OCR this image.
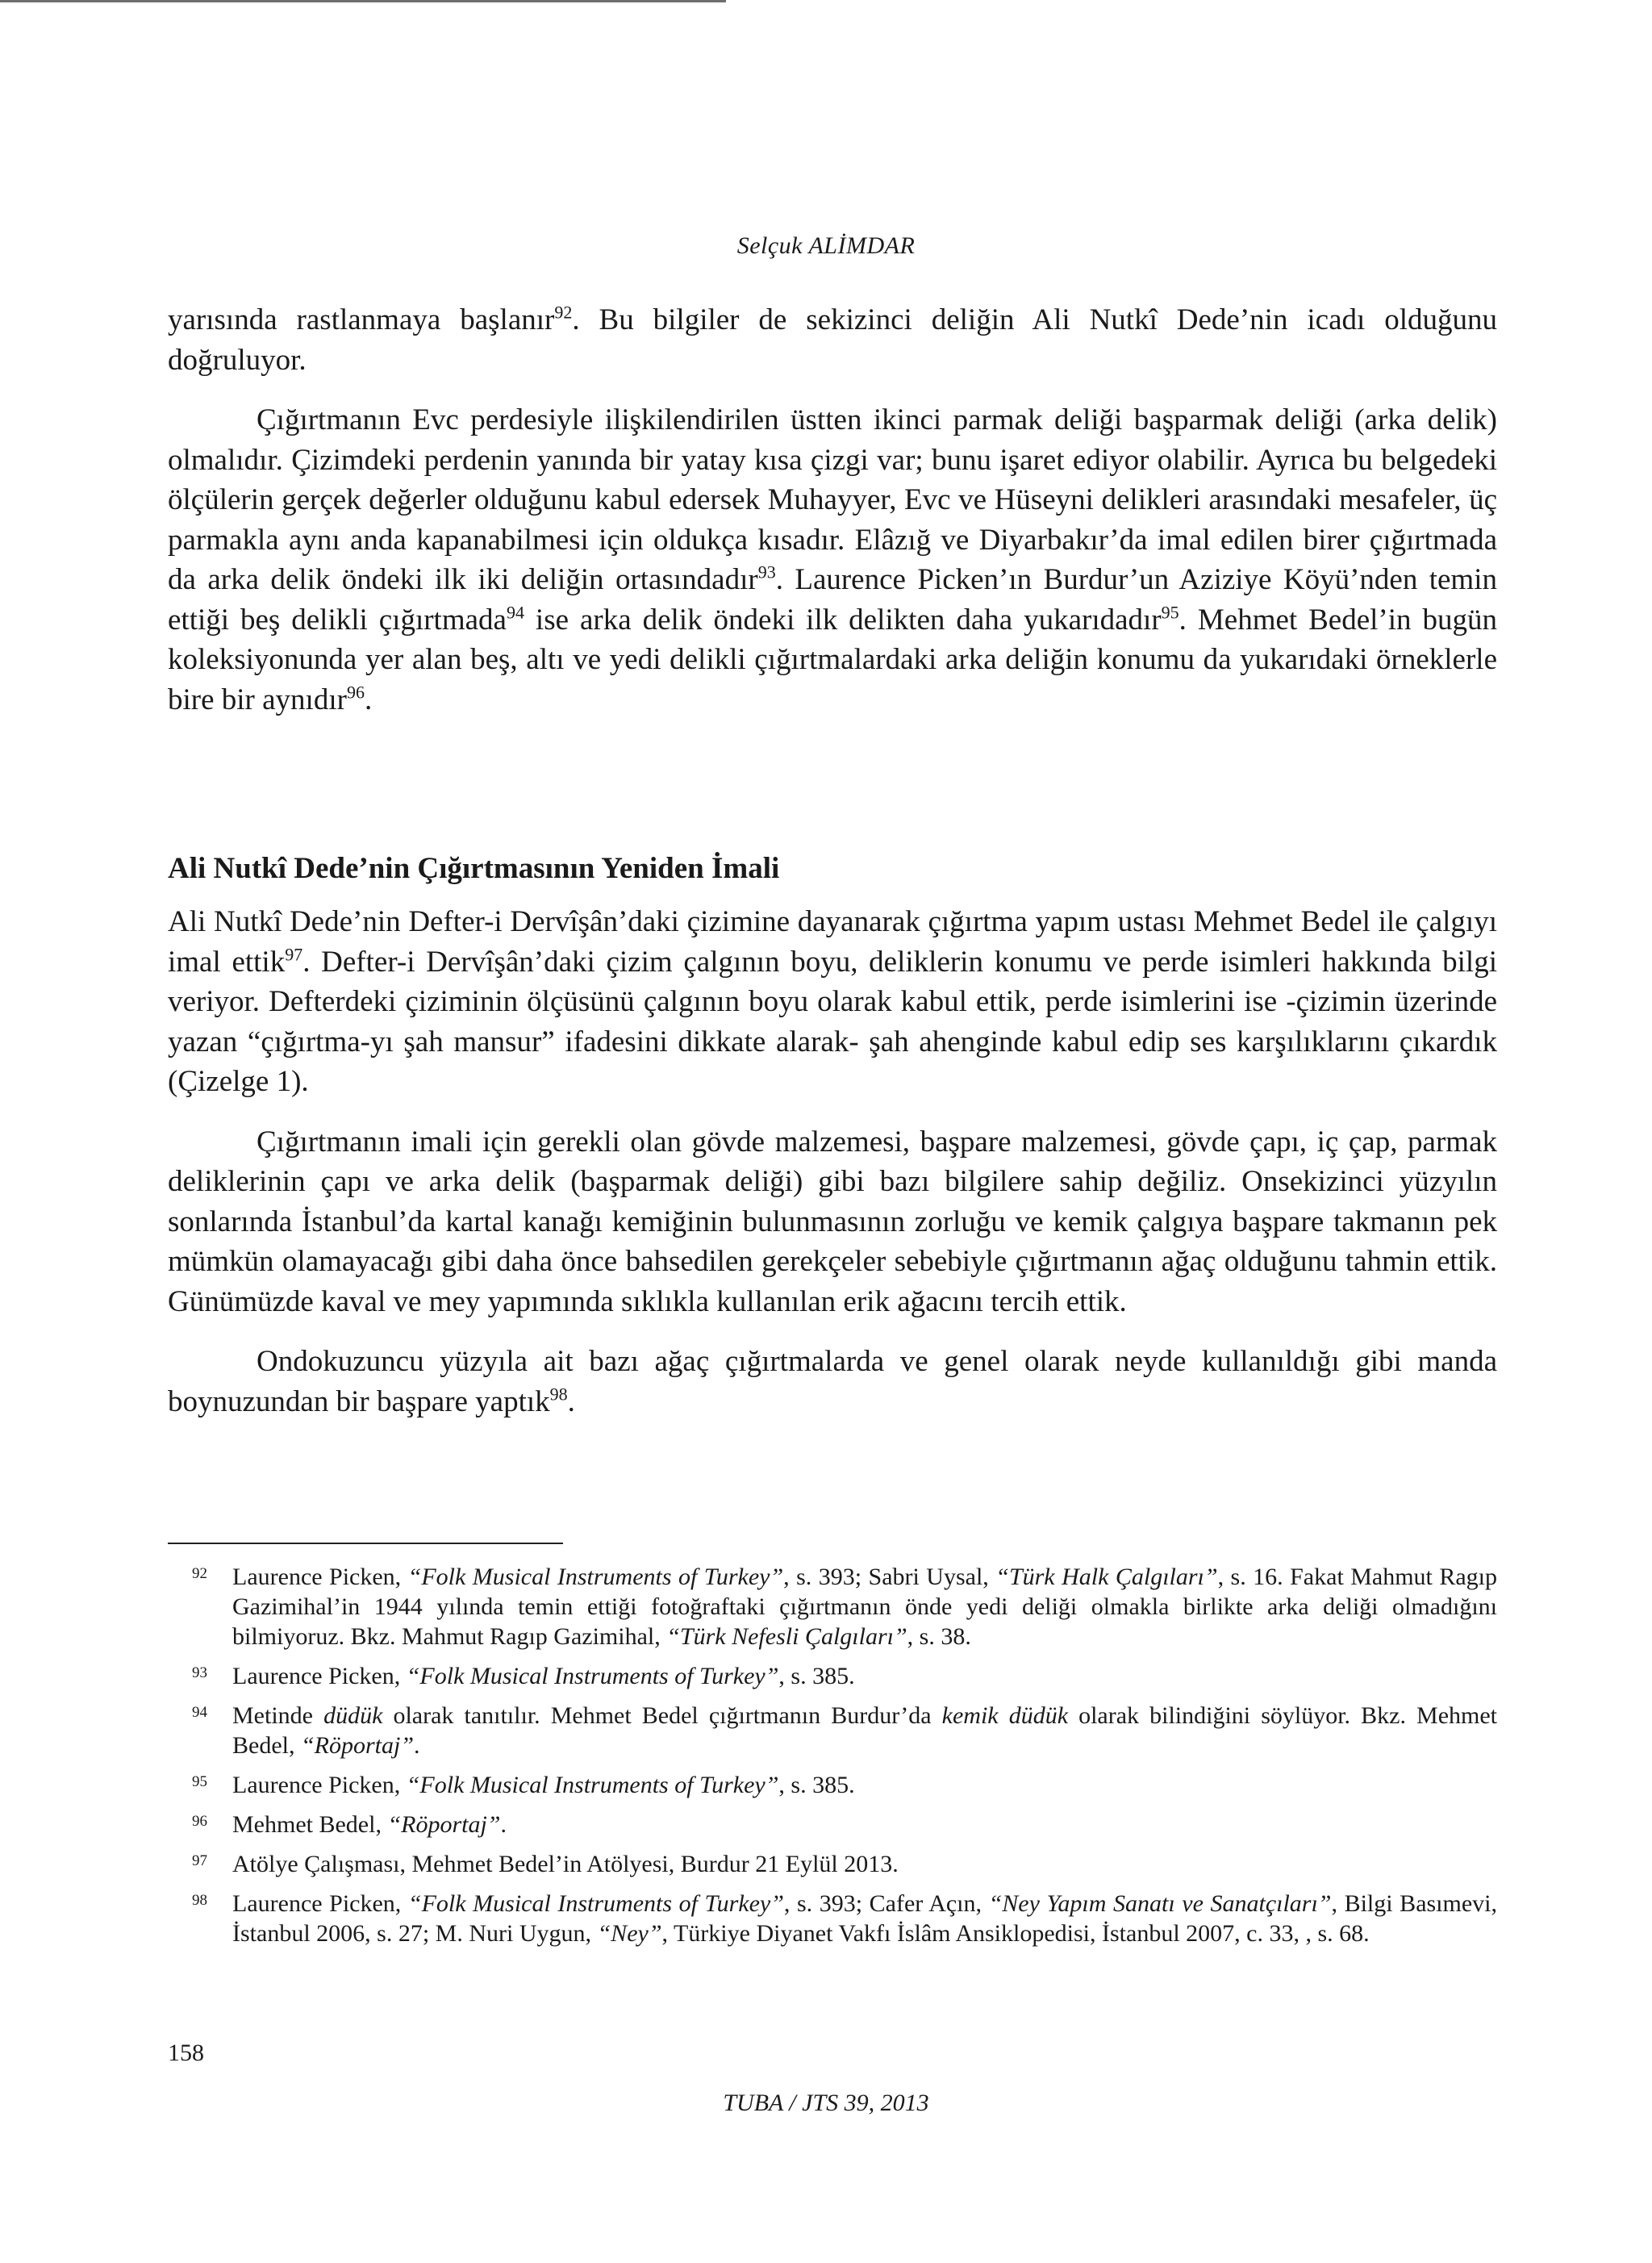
Selçuk ALİMDAR

yarısında rastlanmaya başlanır$^{92}$. Bu bilgiler de sekizinci deliğin Ali Nutkî Dede’nin icadı olduğunu doğruluyor.

Çığırtmanın Evc perdesiyle ilişkilendirilen üstten ikinci parmak deliği başparmak deliği (arka delik) olmalıdır. Çizimdeki perdenin yanında bir yatay kısa çizgi var; bunu işaret ediyor olabilir. Ayrıca bu belgedeki ölçülerin gerçek değerler olduğunu kabul edersek Muhayyer, Evc ve Hüseyni delikleri arasındaki mesafeler, üç parmakla aynı anda kapanabilmesi için oldukça kısadır. Elâzığ ve Diyarbakır’da imal edilen birer çığırtmada da arka delik öndeki ilk iki deliğin ortasındadır$^{93}$. Laurence Picken’ın Burdur’un Aziziye Köyü’nden temin ettiği beş delikli çığırtmada$^{94}$ ise arka delik öndeki ilk delikten daha yukarıdadır$^{95}$. Mehmet Bedel’in bugün koleksiyonunda yer alan beş, altı ve yedi delikli çığırtmalardaki arka deliğin konumu da yukarıdaki örneklerle bire bir aynıdır$^{96}$.

Ali Nutkî Dede’nin Çığırtmasının Yeniden İmali

Ali Nutkî Dede’nin Defter-i Dervîşân’daki çizimine dayanarak çığırtma yapım ustası Mehmet Bedel ile çalgıyı imal ettik$^{97}$. Defter-i Dervîşân’daki çizim çalgının boyu, deliklerin konumu ve perde isimleri hakkında bilgi veriyor. Defterdeki çiziminin ölçüsünü çalgının boyu olarak kabul ettik, perde isimlerini ise -çizimin üzerinde yazan “çığırtma-yı şah mansur” ifadesini dikkate alarak- şah ahenginde kabul edip ses karşılıklarını çıkardık (Çizelge 1).

Çığırtmanın imali için gerekli olan gövde malzemesi, başpare malzemesi, gövde çapı, iç çap, parmak deliklerinin çapı ve arka delik (başparmak deliği) gibi bazı bilgilere sahip değiliz. Onsekizinci yüzyılın sonlarında İstanbul’da kartal kanağı kemiğinin bulunmasının zorluğu ve kemik çalgıya başpare takmanın pek mümkün olamayacağı gibi daha önce bahsedilen gerekçeler sebebiyle çığırtmanın ağaç olduğunu tahmin ettik. Günümüzde kaval ve mey yapımında sıklıkla kullanılan erik ağacını tercih ettik.

Ondokuzuncu yüzyıla ait bazı ağaç çığırtmalarda ve genel olarak neyde kullanıldığı gibi manda boynuzundan bir başpare yaptık$^{98}$.

92 Laurence Picken, “Folk Musical Instruments of Turkey”, s. 393; Sabri Uysal, “Türk Halk Çalgıları”, s. 16. Fakat Mahmut Ragıp Gazimihal’in 1944 yılında temin ettiği fotoğraftaki çığırtmanın önde yedi deliği olmakla birlikte arka deliği olmadığını bilmiyoruz. Bkz. Mahmut Ragıp Gazimihal, “Türk Nefesli Çalgıları”, s. 38.

93 Laurence Picken, “Folk Musical Instruments of Turkey”, s. 385.

94 Metinde düdük olarak tanıtılır. Mehmet Bedel çığırtmanın Burdur’da kemik düdük olarak bilindiğini söylüyor. Bkz. Mehmet Bedel, “Röportaj”.

95 Laurence Picken, “Folk Musical Instruments of Turkey”, s. 385.

96 Mehmet Bedel, “Röportaj”.

97 Atölye Çalışması, Mehmet Bedel’in Atölyesi, Burdur 21 Eylül 2013.

98 Laurence Picken, “Folk Musical Instruments of Turkey”, s. 393; Cafer Açın, “Ney Yapım Sanatı ve Sanatçıları”, Bilgi Basımevi, İstanbul 2006, s. 27; M. Nuri Uygun, “Ney”, Türkiye Diyanet Vakfı İslâm Ansiklopedisi, İstanbul 2007, c. 33, , s. 68.

158
TUBA / JTS 39, 2013
